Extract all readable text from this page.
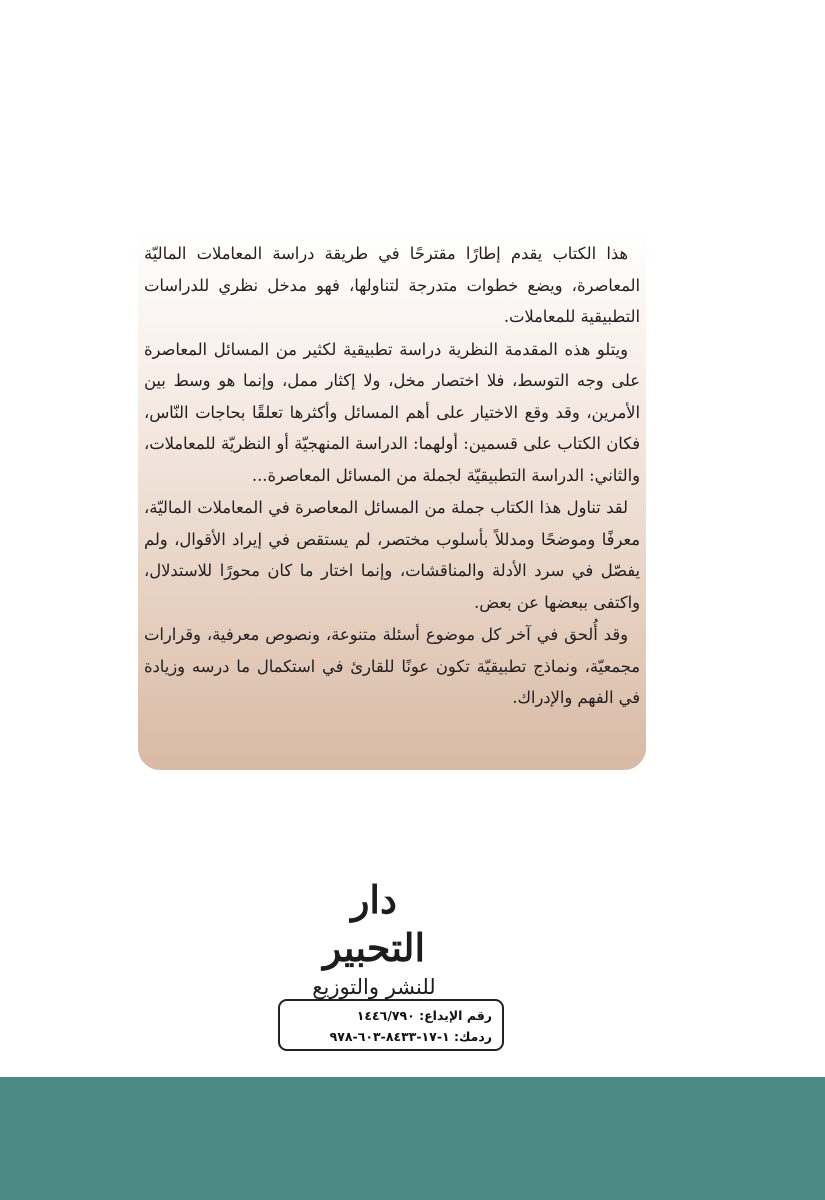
هذا الكتاب يقدم إطارًا مقترحًا في طريقة دراسة المعاملات الماليّة المعاصرة، ويضع خطوات متدرجة لتناولها، فهو مدخل نظري للدراسات التطبيقية للمعاملات.

ويتلو هذه المقدمة النظرية دراسة تطبيقية لكثير من المسائل المعاصرة على وجه التوسط، فلا اختصار مخل، ولا إكثار ممل، وإنما هو وسط بين الأمرين، وقد وقع الاختيار على أهم المسائل وأكثرها تعلقًا بحاجات النّاس، فكان الكتاب على قسمين: أولهما: الدراسة المنهجيّة أو النظريّة للمعاملات، والثاني: الدراسة التطبيقيّة لجملة من المسائل المعاصرة...

لقد تناول هذا الكتاب جملة من المسائل المعاصرة في المعاملات الماليّة، معرفًا وموضحًا ومدللاً بأسلوب مختصر، لم يستقص في إيراد الأقوال، ولم يفصّل في سرد الأدلة والمناقشات، وإنما اختار ما كان محورًا للاستدلال، واكتفى ببعضها عن بعض.

وقد أُلحق في آخر كل موضوع أسئلة متنوعة، ونصوص معرفية، وقرارات مجمعيّة، ونماذج تطبيقيّة تكون عونًا للقارئ في استكمال ما درسه وزيادة في الفهم والإدراك.

دار التحبير
للنشر والتوزيع
رقم الإيداع: ١٤٤٦/٧٩٠
ردمك: ١-١٧-٨٤٣٣-٦٠٣-٩٧٨
